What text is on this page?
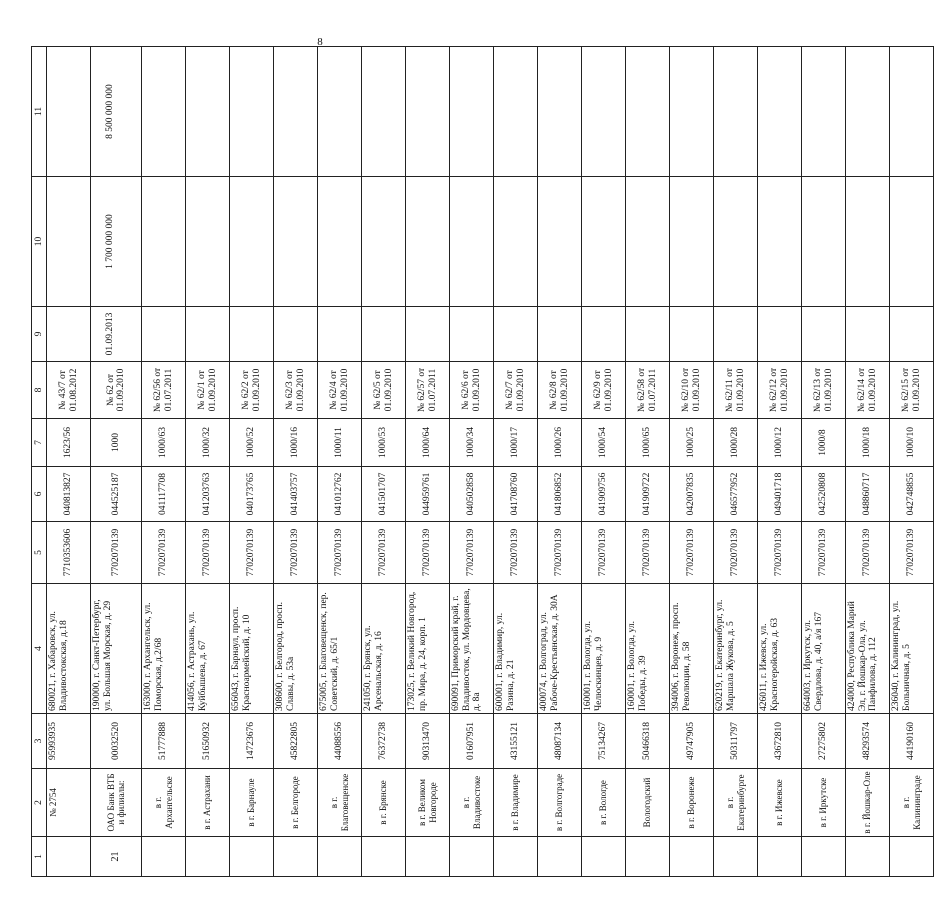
8
1	2	3	4	5	6	7	8	9	10	11
	№ 2754	95993935	680021, г. Хабаровск, ул. Владивостокская, д.18	7710353606	040813827	1623/56	№ 43/7 от 01.08.2012			
21	ОАО Банк ВТБ и филиалы:	00032520	190000, г. Санкт-Петербург, ул. Большая Морская, д. 29	7702070139	044525187	1000	№ 62 от 01.09.2010	01.09.2013	1 700 000 000	8 500 000 000
	в г. Архангельске	51777888	163000, г. Архангельск, ул. Поморская, д.2/68	7702070139	041117708	1000/63	№ 62/56 от 01.07.2011			
	в г. Астрахани	51650932	414056, г. Астрахань, ул. Куйбышева, д. 67	7702070139	041203763	1000/32	№ 62/1 от 01.09.2010			
	в г. Барнауле	14723676	656043, г. Барнаул, просп. Красноармейский, д. 10	7702070139	040173765	1000/52	№ 62/2 от 01.09.2010			
	в г. Белгороде	45822805	308600, г. Белгород, просп. Славы, д. 53а	7702070139	041403757	1000/16	№ 62/3 от 01.09.2010			
	в г. Благовещенске	44088556	675005, г. Благовещенск, пер. Советский, д. 65/1	7702070139	041012762	1000/11	№ 62/4 от 01.09.2010			
	в г. Брянске	76372738	241050, г. Брянск, ул. Арсенальская, д. 16	7702070139	041501707	1000/53	№ 62/5 от 01.09.2010			
	в г. Великом Новгороде	90313470	173025, г. Великий Новгород, пр. Мира, д. 24, корп. 1	7702070139	044959761	1000/64	№ 62/57 от 01.07.2011			
	в г. Владивостоке	01607951	690091, Приморский край, г. Владивосток, ул. Мордовцева, д. 8а	7702070139	040502858	1000/34	№ 62/6 от 01.09.2010			
	в г. Владимире	43155121	600001, г. Владимир, ул. Разина, д. 21	7702070139	041708760	1000/17	№ 62/7 от 01.09.2010			
	в г. Волгограде	48087134	400074, г. Волгоград, ул. Рабоче-Крестьянская, д. 30А	7702070139	041806852	1000/26	№ 62/8 от 01.09.2010			
	в г. Вологде	75134267	160001, г. Вологда, ул. Челюскинцев, д. 9	7702070139	041909756	1000/54	№ 62/9 от 01.09.2010			
	Вологодский	50466318	160001, г. Вологда, ул. Победы, д. 39	7702070139	041909722	1000/65	№ 62/58 от 01.07.2011			
	в г. Воронеже	49747905	394006, г. Воронеж, просп. Революции, д. 58	7702070139	042007835	1000/25	№ 62/10 от 01.09.2010			
	в г. Екатеринбурге	50311797	620219, г. Екатеринбург, ул. Маршала Жукова, д. 5	7702070139	046577952	1000/28	№ 62/11 от 01.09.2010			
	в г. Ижевске	43672810	426011, г. Ижевск, ул. Красногеройская, д. 63	7702070139	049401718	1000/12	№ 62/12 от 01.09.2010			
	в г. Иркутске	27275802	664003, г. Иркутск, ул. Свердлова, д. 40, а/я 167	7702070139	042520808	1000/8	№ 62/13 от 01.09.2010			
	в г. Йошкар-Оле	48293574	424000, Республика Марий Эл, г. Йошкар-Ола, ул. Панфилова, д. 112	7702070139	048860717	1000/18	№ 62/14 от 01.09.2010			
	в г. Калининграде	44190160	236040, г. Калининград, ул. Больничная, д. 5	7702070139	042748855	1000/10	№ 62/15 от 01.09.2010			
